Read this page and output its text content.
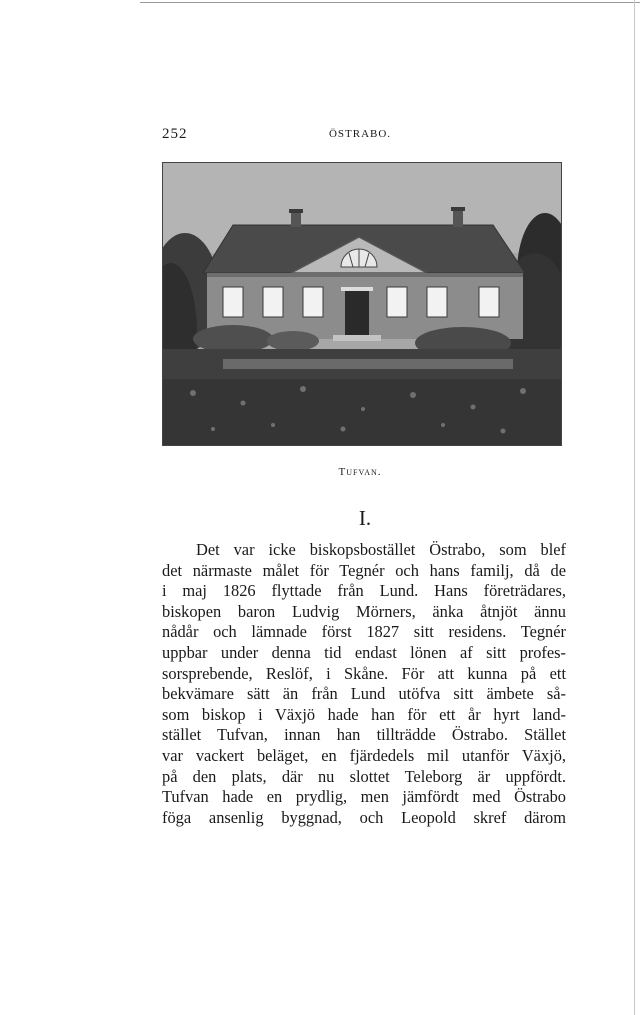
252	ÖSTRABO.
Tufvan.
I.
Det var icke biskopsbostället Östrabo, som blef
det närmaste målet för Tegnér och hans familj, då de
i maj 1826 flyttade från Lund. Hans företrädares,
biskopen baron Ludvig Mörners, änka åtnjöt ännu
nådår och lämnade först 1827 sitt residens. Tegnér
uppbar under denna tid endast lönen af sitt profes-
sorsprebende, Reslöf, i Skåne. För att kunna på ett
bekvämare sätt än från Lund utöfva sitt ämbete så-
som biskop i Växjö hade han för ett år hyrt land-
stället Tufvan, innan han tillträdde Östrabo. Stället
var vackert beläget, en fjärdedels mil utanför Växjö,
på den plats, där nu slottet Teleborg är uppfördt.
Tufvan hade en prydlig, men jämfördt med Östrabo
föga ansenlig byggnad, och Leopold skref därom
